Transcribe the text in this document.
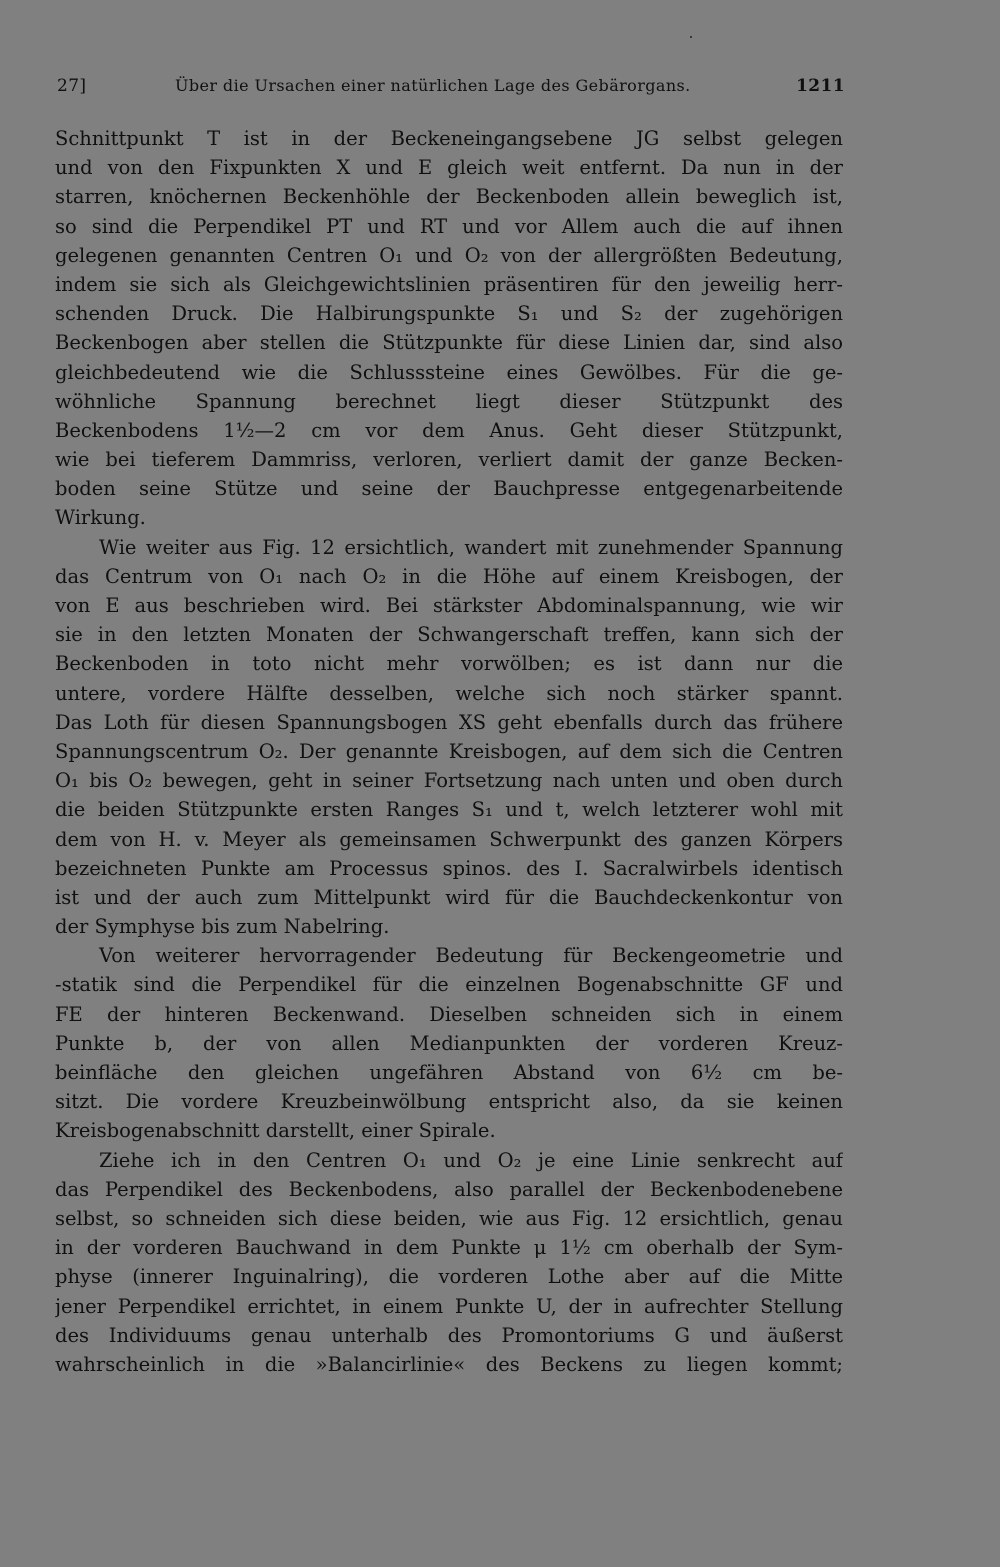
27]	Über die Ursachen einer natürlichen Lage des Gebärorgans.	1211
Schnittpunkt T ist in der Beckeneingangsebene JG selbst gelegen
und von den Fixpunkten X und E gleich weit entfernt. Da nun in der
starren, knöchernen Beckenhöhle der Beckenboden allein beweglich ist,
so sind die Perpendikel PT und RT und vor Allem auch die auf ihnen
gelegenen genannten Centren O₁ und O₂ von der allergrößten Bedeutung,
indem sie sich als Gleichgewichtslinien präsentiren für den jeweilig herr-
schenden Druck. Die Halbirungspunkte S₁ und S₂ der zugehörigen
Beckenbogen aber stellen die Stützpunkte für diese Linien dar, sind also
gleichbedeutend wie die Schlusssteine eines Gewölbes. Für die ge-
wöhnliche Spannung berechnet liegt dieser Stützpunkt des
Beckenbodens 1½—2 cm vor dem Anus. Geht dieser Stützpunkt,
wie bei tieferem Dammriss, verloren, verliert damit der ganze Becken-
boden seine Stütze und seine der Bauchpresse entgegenarbeitende
Wirkung.
Wie weiter aus Fig. 12 ersichtlich, wandert mit zunehmender Spannung
das Centrum von O₁ nach O₂ in die Höhe auf einem Kreisbogen, der
von E aus beschrieben wird. Bei stärkster Abdominalspannung, wie wir
sie in den letzten Monaten der Schwangerschaft treffen, kann sich der
Beckenboden in toto nicht mehr vorwölben; es ist dann nur die
untere, vordere Hälfte desselben, welche sich noch stärker spannt.
Das Loth für diesen Spannungsbogen XS geht ebenfalls durch das frühere
Spannungscentrum O₂. Der genannte Kreisbogen, auf dem sich die Centren
O₁ bis O₂ bewegen, geht in seiner Fortsetzung nach unten und oben durch
die beiden Stützpunkte ersten Ranges S₁ und t, welch letzterer wohl mit
dem von H. v. Meyer als gemeinsamen Schwerpunkt des ganzen Körpers
bezeichneten Punkte am Processus spinos. des I. Sacralwirbels identisch
ist und der auch zum Mittelpunkt wird für die Bauchdeckenkontur von
der Symphyse bis zum Nabelring.
Von weiterer hervorragender Bedeutung für Beckengeometrie und
-statik sind die Perpendikel für die einzelnen Bogenabschnitte GF und
FE der hinteren Beckenwand. Dieselben schneiden sich in einem
Punkte b, der von allen Medianpunkten der vorderen Kreuz-
beinfläche den gleichen ungefähren Abstand von 6½ cm be-
sitzt. Die vordere Kreuzbeinwölbung entspricht also, da sie keinen
Kreisbogenabschnitt darstellt, einer Spirale.
Ziehe ich in den Centren O₁ und O₂ je eine Linie senkrecht auf
das Perpendikel des Beckenbodens, also parallel der Beckenbodenebene
selbst, so schneiden sich diese beiden, wie aus Fig. 12 ersichtlich, genau
in der vorderen Bauchwand in dem Punkte μ 1½ cm oberhalb der Sym-
physe (innerer Inguinalring), die vorderen Lothe aber auf die Mitte
jener Perpendikel errichtet, in einem Punkte U, der in aufrechter Stellung
des Individuums genau unterhalb des Promontoriums G und äußerst
wahrscheinlich in die »Balancirlinie« des Beckens zu liegen kommt;
